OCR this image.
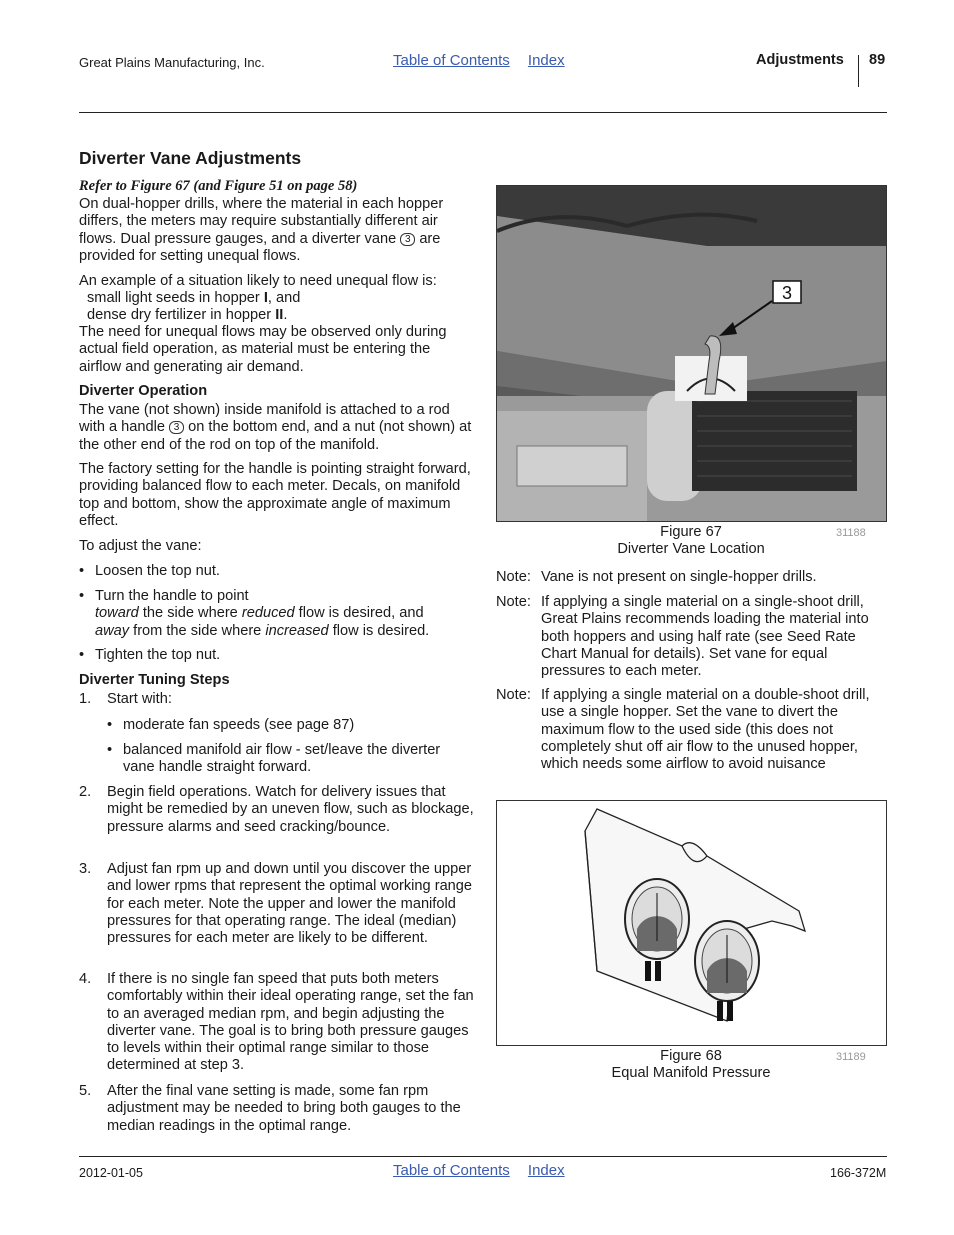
Great Plains Manufacturing, Inc.	Table of Contents Index	Adjustments 89
Diverter Vane Adjustments
Refer to Figure 67 (and Figure 51 on page 58)
On dual-hopper drills, where the material in each hopper differs, the meters may require substantially different air flows. Dual pressure gauges, and a diverter vane 3 are provided for setting unequal flows.
An example of a situation likely to need unequal flow is:
small light seeds in hopper I, and
dense dry fertilizer in hopper II.
The need for unequal flows may be observed only during actual field operation, as material must be entering the airflow and generating air demand.
Diverter Operation
The vane (not shown) inside manifold is attached to a rod with a handle 3 on the bottom end, and a nut (not shown) at the other end of the rod on top of the manifold.
The factory setting for the handle is pointing straight forward, providing balanced flow to each meter. Decals, on manifold top and bottom, show the approximate angle of maximum effect.
To adjust the vane:
• Loosen the top nut.
• Turn the handle to point
toward the side where reduced flow is desired, and
away from the side where increased flow is desired.
• Tighten the top nut.
Diverter Tuning Steps
1. Start with:
• moderate fan speeds (see page 87)
• balanced manifold air flow - set/leave the diverter vane handle straight forward.
2. Begin field operations. Watch for delivery issues that might be remedied by an uneven flow, such as blockage, pressure alarms and seed cracking/bounce.
3. Adjust fan rpm up and down until you discover the upper and lower rpms that represent the optimal working range for each meter. Note the upper and lower the manifold pressures for that operating range. The ideal (median) pressures for each meter are likely to be different.
4. If there is no single fan speed that puts both meters comfortably within their ideal operating range, set the fan to an averaged median rpm, and begin adjusting the diverter vane. The goal is to bring both pressure gauges to levels within their optimal range similar to those determined at step 3.
5. After the final vane setting is made, some fan rpm adjustment may be needed to bring both gauges to the median readings in the optimal range.
3
Figure 67
Diverter Vane Location
31188
Note: Vane is not present on single-hopper drills.
Note: If applying a single material on a single-shoot drill, Great Plains recommends loading the material into both hoppers and using half rate (see Seed Rate Chart Manual for details). Set vane for equal pressures to each meter.
Note: If applying a single material on a double-shoot drill, use a single hopper. Set the vane to divert the maximum flow to the used side (this does not completely shut off air flow to the unused hopper, which needs some airflow to avoid nuisance
Figure 68
Equal Manifold Pressure
31189
2012-01-05	Table of Contents Index	166-372M
